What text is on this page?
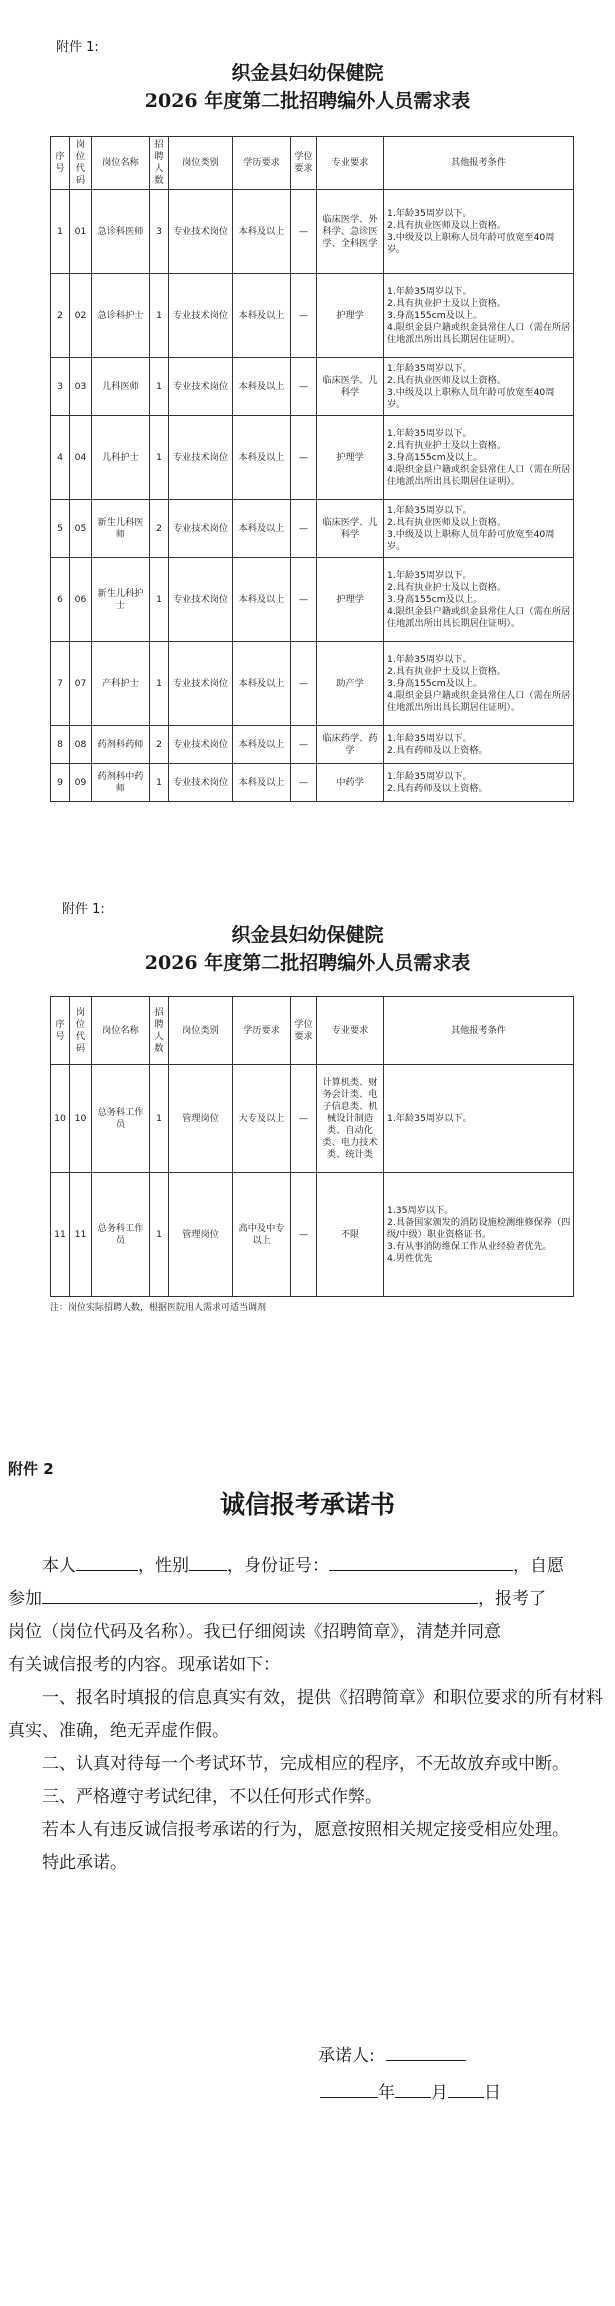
附件 1:
织金县妇幼保健院
2026 年度第二批招聘编外人员需求表
序号	岗位代码	岗位名称	招聘人数	岗位类别	学历要求	学位要求	专业要求	其他报考条件
1	01	急诊科医师	3	专业技术岗位	本科及以上	—	临床医学、外科学、急诊医学、全科医学	1.年龄35周岁以下。
2.具有执业医师及以上资格。
3.中级及以上职称人员年龄可放宽至40周岁。
2	02	急诊科护士	1	专业技术岗位	本科及以上	—	护理学	1.年龄35周岁以下。
2.具有执业护士及以上资格。
3.身高155cm及以上。
4.限织金县户籍或织金县常住人口（需在所居住地派出所出具长期居住证明）。
3	03	儿科医师	1	专业技术岗位	本科及以上	—	临床医学、儿科学	1.年龄35周岁以下。
2.具有执业医师及以上资格。
3.中级及以上职称人员年龄可放宽至40周岁。
4	04	儿科护士	1	专业技术岗位	本科及以上	—	护理学	1.年龄35周岁以下。
2.具有执业护士及以上资格。
3.身高155cm及以上。
4.限织金县户籍或织金县常住人口（需在所居住地派出所出具长期居住证明）。
5	05	新生儿科医师	2	专业技术岗位	本科及以上	—	临床医学、儿科学	1.年龄35周岁以下。
2.具有执业医师及以上资格。
3.中级及以上职称人员年龄可放宽至40周岁。
6	06	新生儿科护士	1	专业技术岗位	本科及以上	—	护理学	1.年龄35周岁以下。
2.具有执业护士及以上资格。
3.身高155cm及以上。
4.限织金县户籍或织金县常住人口（需在所居住地派出所出具长期居住证明）。
7	07	产科护士	1	专业技术岗位	本科及以上	—	助产学	1.年龄35周岁以下。
2.具有执业护士及以上资格。
3.身高155cm及以上。
4.限织金县户籍或织金县常住人口（需在所居住地派出所出具长期居住证明）。
8	08	药剂科药师	2	专业技术岗位	本科及以上	—	临床药学、药学	1.年龄35周岁以下。
2.具有药师及以上资格。
9	09	药剂科中药师	1	专业技术岗位	本科及以上	—	中药学	1.年龄35周岁以下。
2.具有药师及以上资格。
附件 1:
织金县妇幼保健院
2026 年度第二批招聘编外人员需求表
序号	岗位代码	岗位名称	招聘人数	岗位类别	学历要求	学位要求	专业要求	其他报考条件
10	10	总务科工作员	1	管理岗位	大专及以上	—	计算机类、财务会计类、电子信息类、机械设计制造类、自动化类、电力技术类、统计类	1.年龄35周岁以下。
11	11	总务科工作员	1	管理岗位	高中及中专以上	—	不限	1.35周岁以下。
2.具备国家颁发的消防设施检测维修保养（四级/中级）职业资格证书。
3.有从事消防维保工作从业经验者优先。
4.男性优先
注：岗位实际招聘人数，根据医院用人需求可适当调剂
附件 2
诚信报考承诺书

本人	，性别 ，身份证号：	，自愿

参加	，报考了

岗位（岗位代码及名称）。我已仔细阅读《招聘简章》，清楚并同意

有关诚信报考的内容。现承诺如下：

一、报名时填报的信息真实有效，提供《招聘简章》和职位要求的所有材料真实、准确，绝无弄虚作假。

二、认真对待每一个考试环节，完成相应的程序，不无故放弃或中断。

三、严格遵守考试纪律，不以任何形式作弊。

若本人有违反诚信报考承诺的行为，愿意按照相关规定接受相应处理。

特此承诺。

承诺人:
年 月 日
